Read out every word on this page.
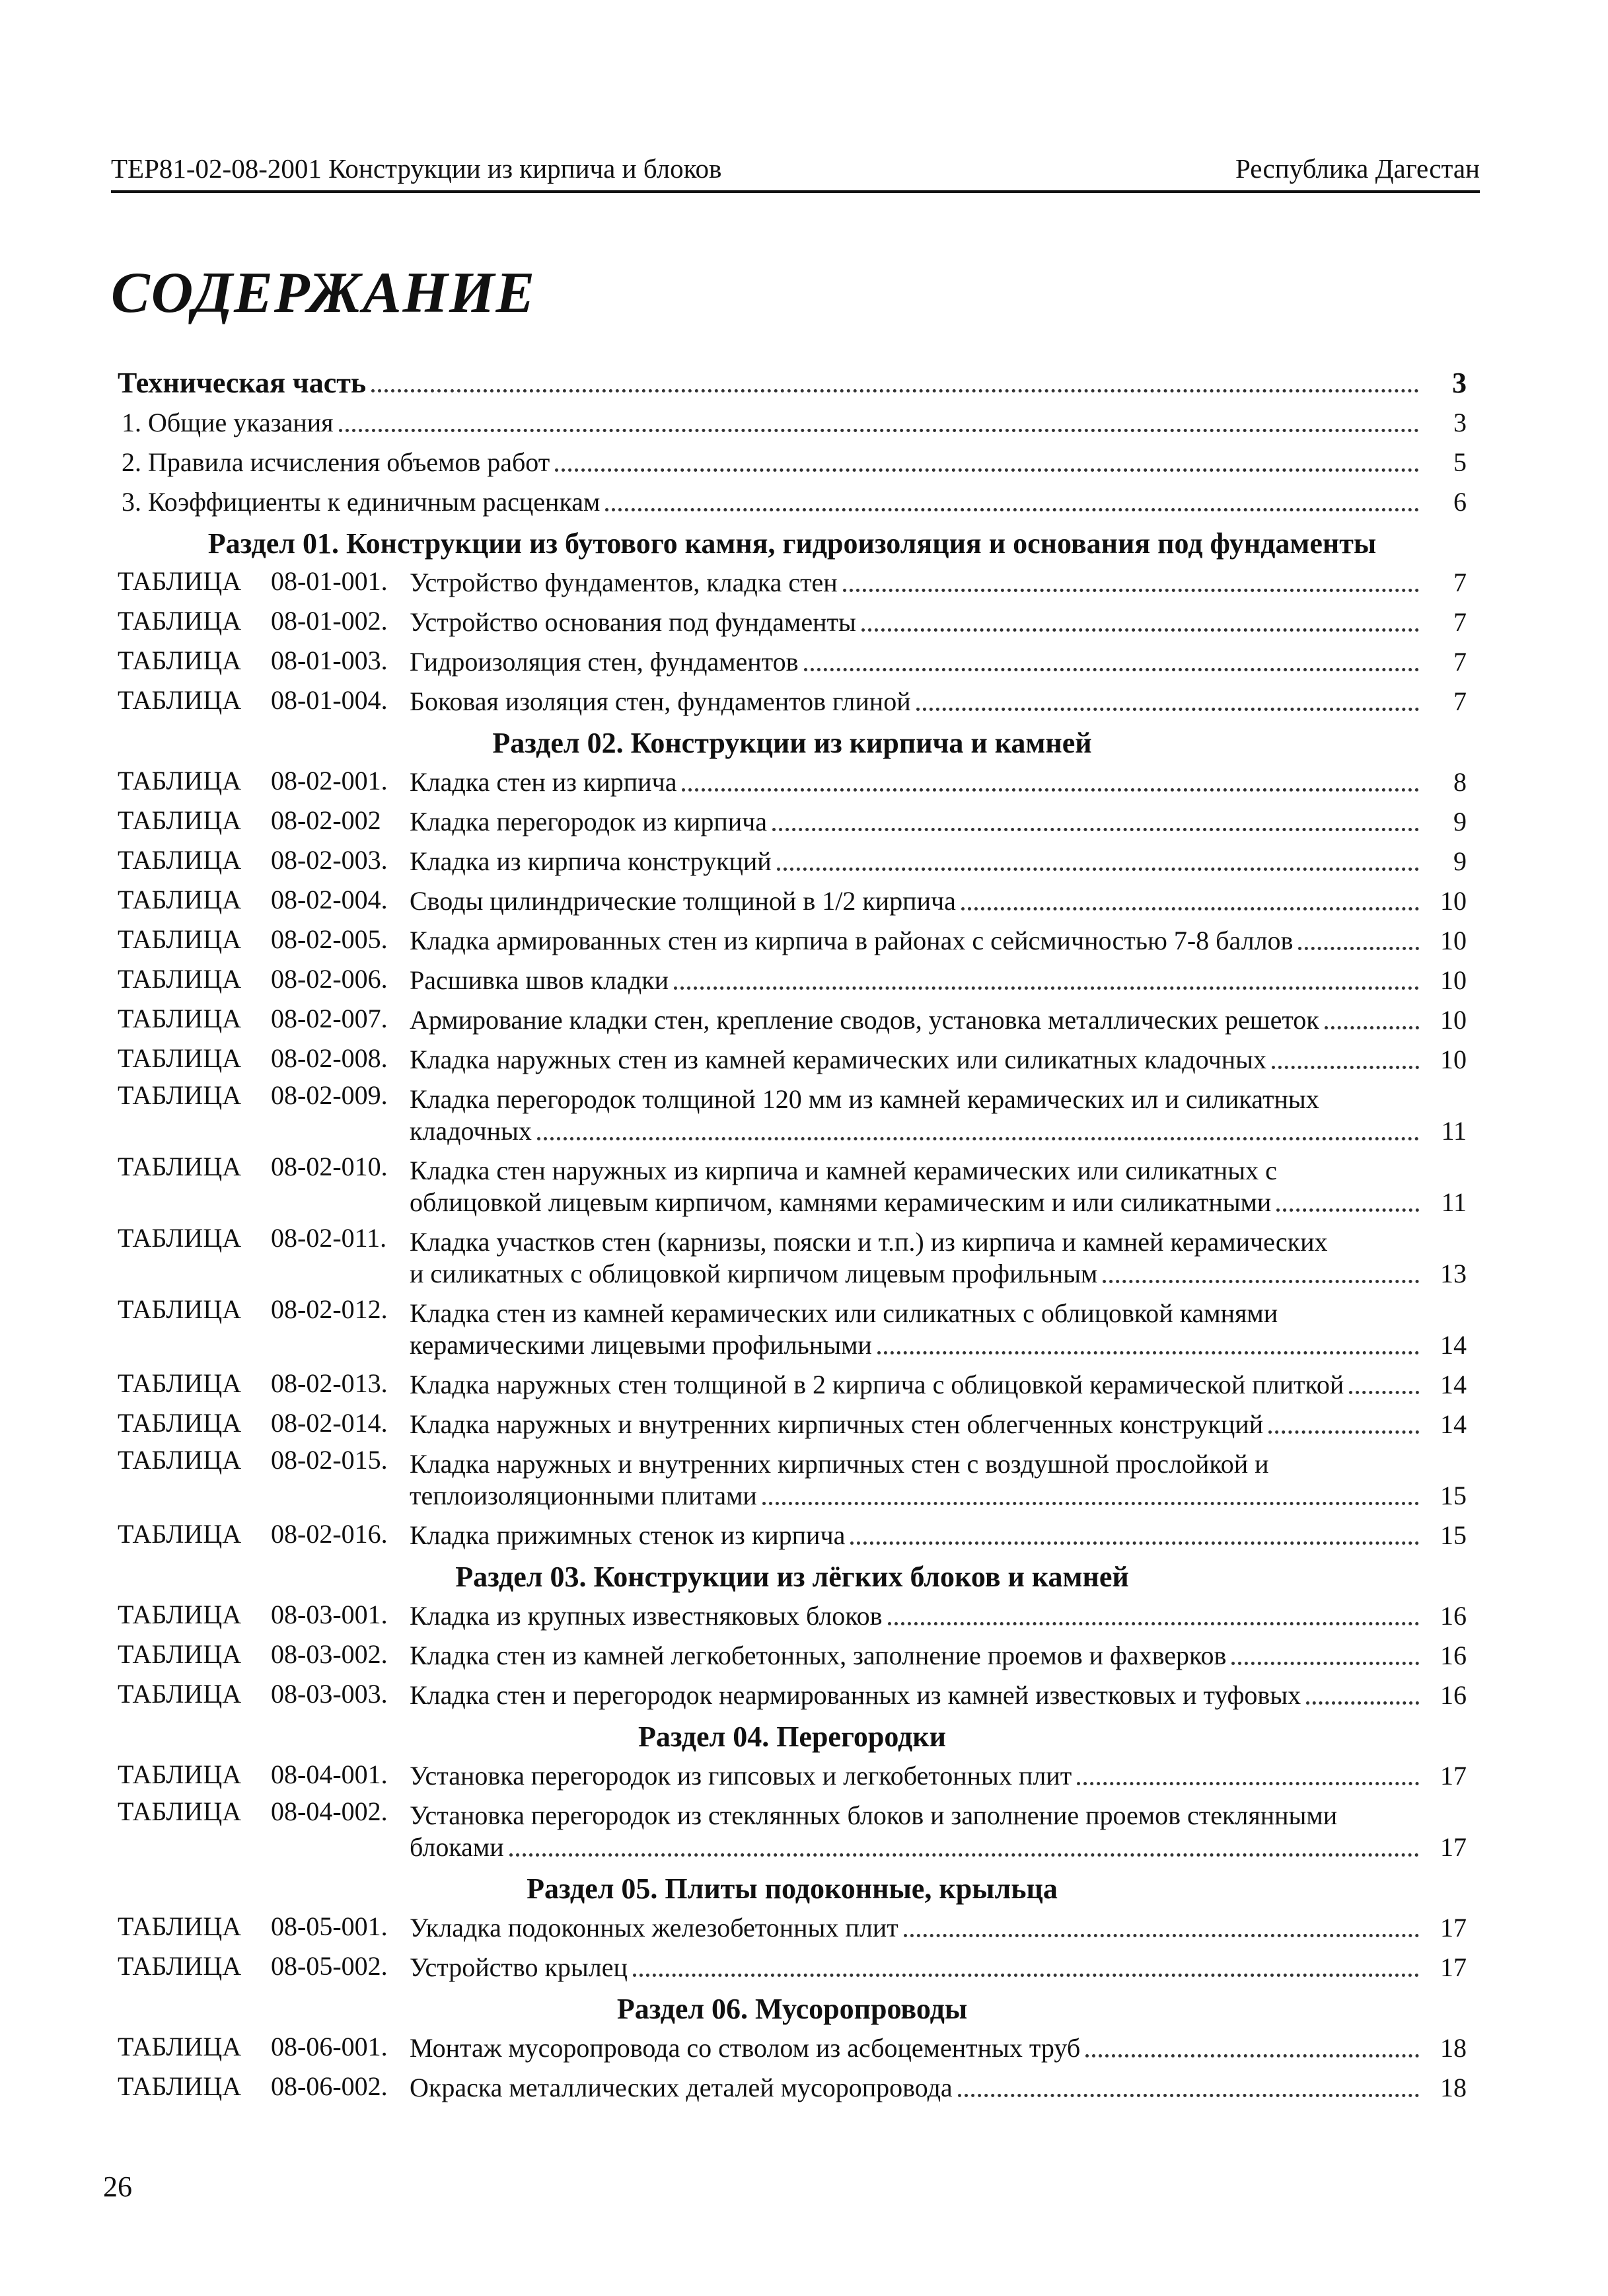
ТЕР81-02-08-2001 Конструкции из кирпича и блоков	Республика Дагестан
СОДЕРЖАНИЕ
Техническая часть	3
1. Общие указания	3
2. Правила исчисления объемов работ	5
3. Коэффициенты к единичным расценкам	6
Раздел 01. Конструкции из бутового камня, гидроизоляция и основания под фундаменты
ТАБЛИЦА	08-01-001. Устройство фундаментов, кладка стен	7
ТАБЛИЦА	08-01-002. Устройство основания под фундаменты	7
ТАБЛИЦА	08-01-003. Гидроизоляция стен, фундаментов	7
ТАБЛИЦА	08-01-004. Боковая изоляция стен, фундаментов глиной	7
Раздел 02. Конструкции из кирпича и камней
ТАБЛИЦА	08-02-001. Кладка стен из кирпича	8
ТАБЛИЦА	08-02-002	Кладка перегородок из кирпича	9
ТАБЛИЦА	08-02-003. Кладка из кирпича конструкций	9
ТАБЛИЦА	08-02-004. Своды цилиндрические толщиной в 1/2 кирпича	10
ТАБЛИЦА	08-02-005. Кладка армированных стен из кирпича в районах с сейсмичностью 7-8 баллов	10
ТАБЛИЦА	08-02-006. Расшивка швов кладки	10
ТАБЛИЦА	08-02-007. Армирование кладки стен, крепление сводов, установка металлических решеток	10
ТАБЛИЦА	08-02-008. Кладка наружных стен из камней керамических или силикатных кладочных	10
ТАБЛИЦА	08-02-009. Кладка перегородок толщиной 120 мм из камней керамических ил и силикатных
кладочных	11
ТАБЛИЦА	08-02-010. Кладка стен наружных из кирпича и камней керамических или силикатных с
облицовкой лицевым кирпичом, камнями керамическим и или силикатными	11
ТАБЛИЦА	08-02-011. Кладка участков стен (карнизы, пояски и т.п.) из кирпича и камней керамических
и силикатных с облицовкой кирпичом лицевым профильным	13
ТАБЛИЦА	08-02-012. Кладка стен из камней керамических или силикатных с облицовкой камнями
керамическими лицевыми профильными	14
ТАБЛИЦА	08-02-013. Кладка наружных стен толщиной в 2 кирпича с облицовкой керамической плиткой	14
ТАБЛИЦА	08-02-014. Кладка наружных и внутренних кирпичных стен облегченных конструкций	14
ТАБЛИЦА	08-02-015. Кладка наружных и внутренних кирпичных стен с воздушной прослойкой и
теплоизоляционными плитами	15
ТАБЛИЦА	08-02-016. Кладка прижимных стенок из кирпича	15
Раздел 03. Конструкции из лёгких блоков и камней
ТАБЛИЦА	08-03-001. Кладка из крупных известняковых блоков	16
ТАБЛИЦА	08-03-002. Кладка стен из камней легкобетонных, заполнение проемов и фахверков	16
ТАБЛИЦА	08-03-003. Кладка стен и перегородок неармированных из камней известковых и туфовых	16
Раздел 04. Перегородки
ТАБЛИЦА	08-04-001. Установка перегородок из гипсовых и легкобетонных плит	17
ТАБЛИЦА	08-04-002. Установка перегородок из стеклянных блоков и заполнение проемов стеклянными
блоками	17
Раздел 05. Плиты подоконные, крыльца
ТАБЛИЦА	08-05-001. Укладка подоконных железобетонных плит	17
ТАБЛИЦА	08-05-002. Устройство крылец	17
Раздел 06. Мусоропроводы
ТАБЛИЦА	08-06-001. Монтаж мусоропровода со стволом из асбоцементных труб	18
ТАБЛИЦА	08-06-002. Окраска металлических деталей мусоропровода	18
26
